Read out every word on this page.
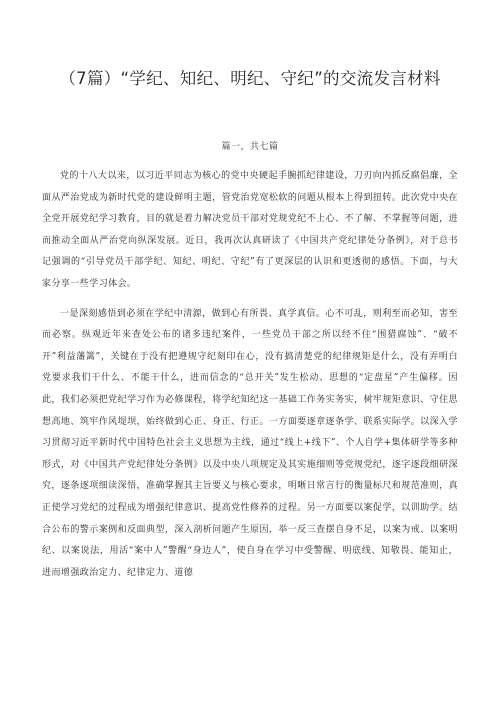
（7篇）“学纪、知纪、明纪、守纪”的交流发言材料
篇一，共七篇

党的十八大以来，以习近平同志为核心的党中央硬起手腕抓纪律建设，刀刃向内抓反腐倡廉，全面从严治党成为新时代党的建设鲜明主题，管党治党宽松软的问题从根本上得到扭转。此次党中央在全党开展党纪学习教育，目的就是着力解决党员干部对党规党纪不上心、不了解、不掌握等问题，进而推动全面从严治党向纵深发展。近日，我再次认真研读了《中国共产党纪律处分条例》，对于总书记强调的“引导党员干部学纪、知纪、明纪、守纪”有了更深层的认识和更透彻的感悟。下面，与大家分享一些学习体会。

一是深刻感悟到必须在学纪中清源，做到心有所畏、真学真信。心不可乱，则利至而必知，害至而必察。纵观近年来查处公布的诸多违纪案件，一些党员干部之所以经不住“围猎腐蚀”、“破不开”利益藩篱”，关键在于没有把遵规守纪刻印在心，没有搞清楚党的纪律规矩是什么，没有弄明白党要求我们干什么、不能干什么，进而信念的“总开关”发生松动、思想的“定盘星”产生偏移。因此，我们必须把党纪学习作为必修课程，将学纪知纪这一基础工作务实务实，树牢规矩意识、守住思想高地、筑牢作风堤坝，始终做到心正、身正、行正。一方面要逐章逐条学、联系实际学。以深入学习贯彻习近平新时代中国特色社会主义思想为主线，通过“线上+线下”、个人自学+集体研学等多种形式，对《中国共产党纪律处分条例》以及中央八项规定及其实施细则等党规党纪，逐字逐段细研深究，逐条逐项细读深悟，准确掌握其主旨要义与核心要求，明晰日常言行的衡量标尺和规范准则，真正使学习党纪的过程成为增强纪律意识、提高党性修养的过程。另一方面要以案促学，以训助学。结合公布的警示案例和反面典型，深入剖析问题产生原因，举一反三查摆自身不足，以案为戒、以案明纪、以案说法，用活“案中人”警醒“身边人”，使自身在学习中受警醒、明底线、知敬畏、能知止，进而增强政治定力、纪律定力、道德
